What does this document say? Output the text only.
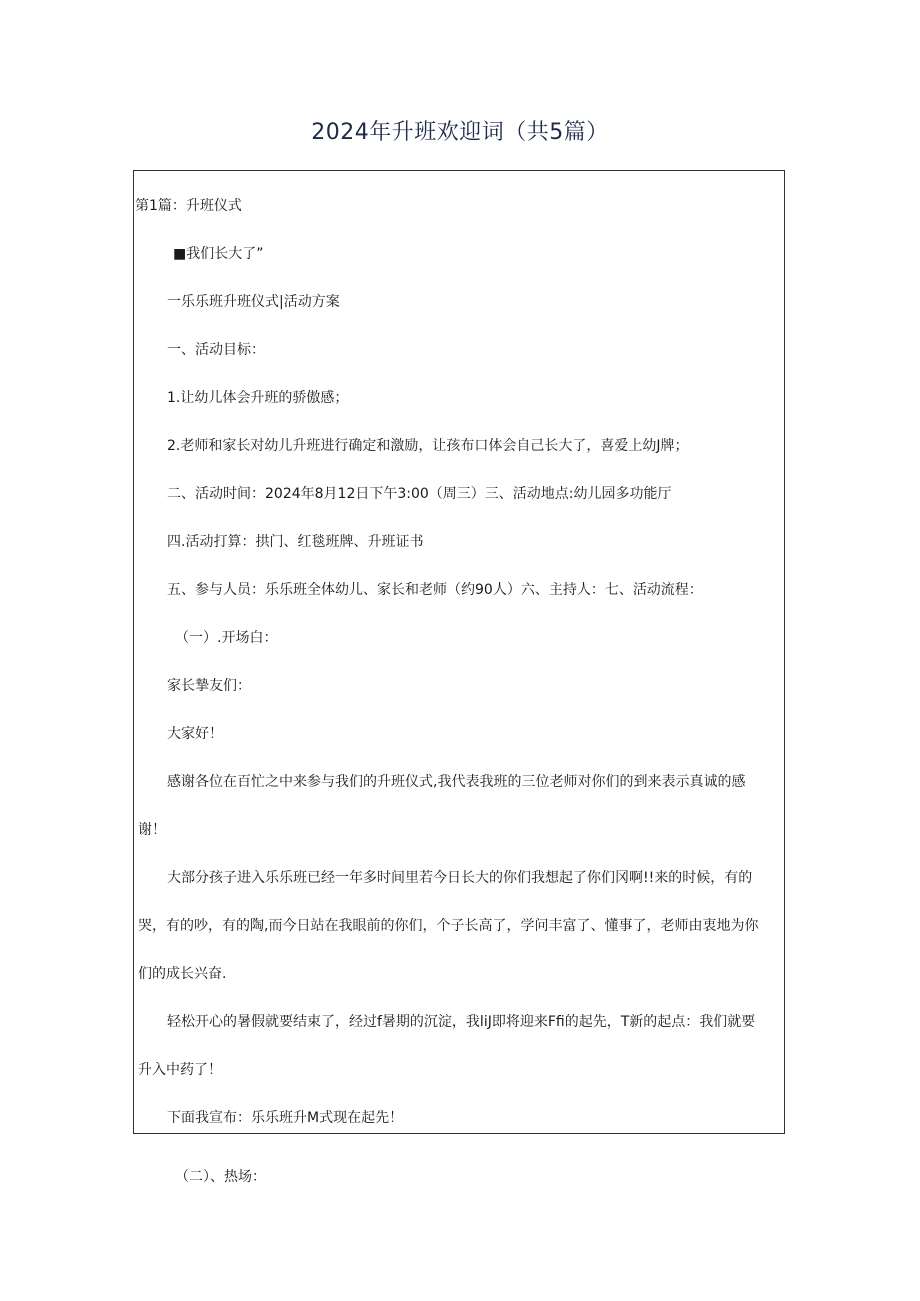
2024年升班欢迎词（共5篇）
第1篇：升班仪式
■我们长大了”
一乐乐班升班仪式|活动方案
一、活动目标：
1.让幼儿体会升班的骄傲感；
2.老师和家长对幼儿升班进行确定和激励，让孩布口体会自己长大了，喜爱上幼J牌；
二、活动时间：2024年8月12日下午3:00（周三）三、活动地点:幼儿园多功能厅
四.活动打算：拱门、红毯班牌、升班证书
五、参与人员：乐乐班全体幼儿、家长和老师（约90人）六、主持人：七、活动流程：
（一）.开场白：
家长摯友们：
大家好！
感谢各位在百忙之中来参与我们的升班仪式,我代表我班的三位老师对你们的到来表示真诚的感
谢！
大部分孩子进入乐乐班已经一年多时间里若今日长大的你们我想起了你们冈啊!!来的时候，有的
哭，有的吵，有的陶,而今日站在我眼前的你们，个子长高了，学问丰富了、懂事了，老师由衷地为你
们的成长兴奋.
轻松开心的暑假就要结束了，经过f暑期的沉淀，我liJ即将迎来Ffi的起先，T新的起点：我们就要
升入中药了！
下面我宣布：乐乐班升M式现在起先！
（二）、热场：
